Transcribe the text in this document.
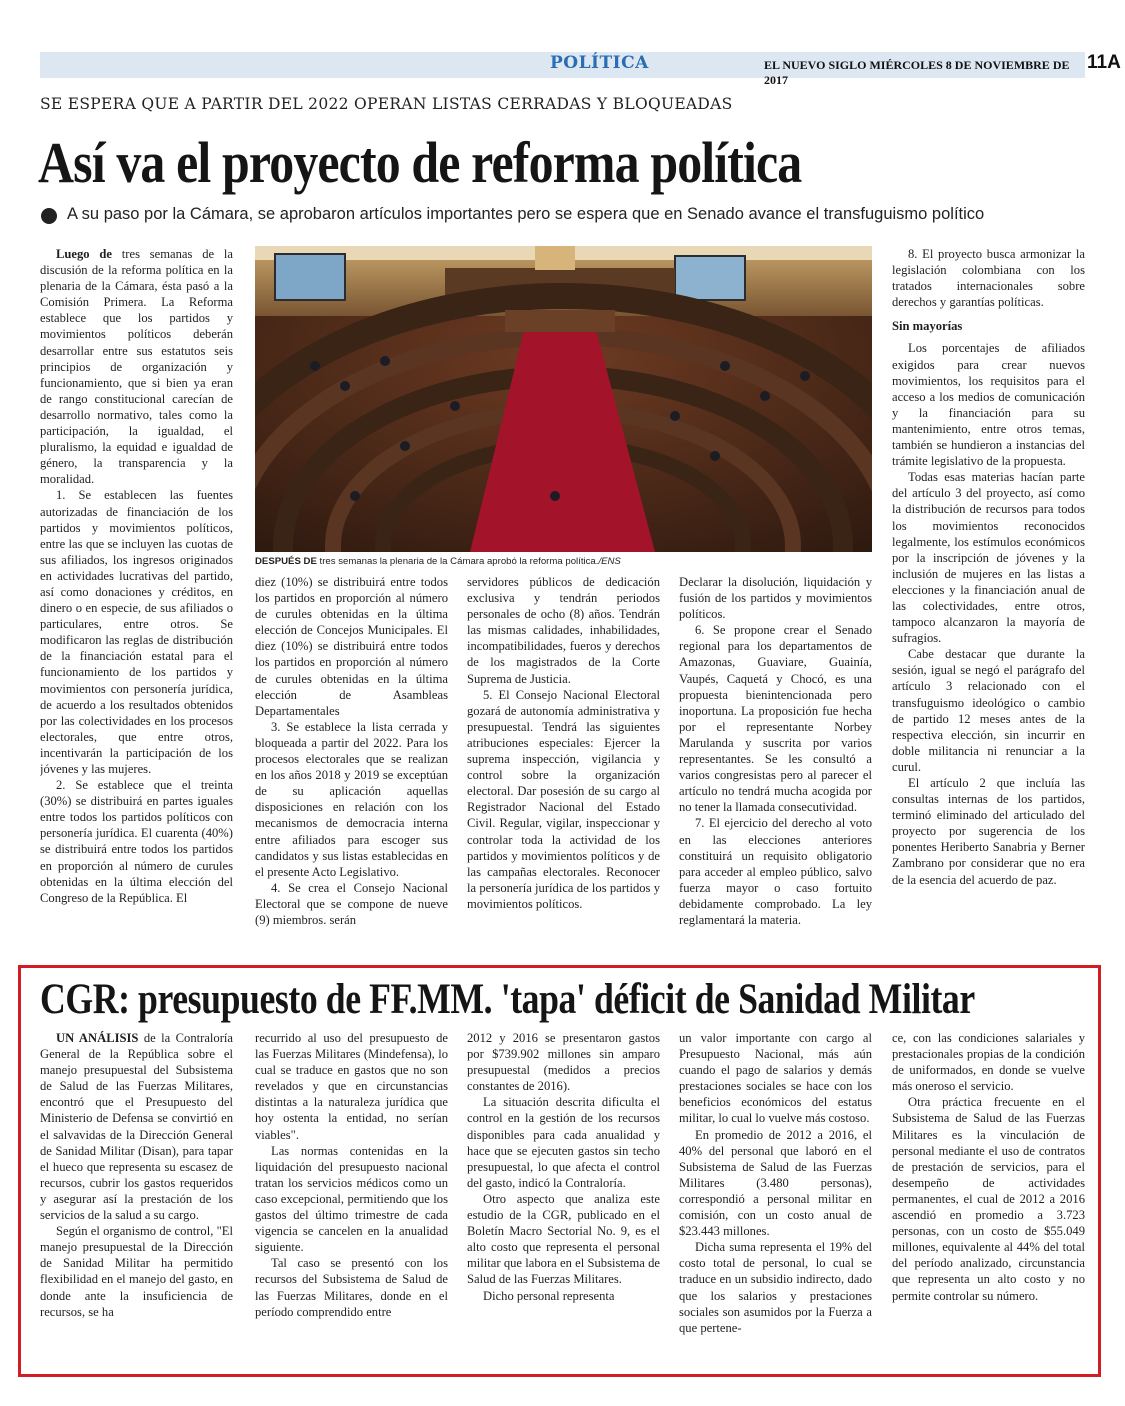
POLÍTICA	EL NUEVO SIGLO MIÉRCOLES 8 DE NOVIEMBRE DE 2017
11A
SE ESPERA QUE A PARTIR DEL 2022 OPERAN LISTAS CERRADAS Y BLOQUEADAS
Así va el proyecto de reforma política
A su paso por la Cámara, se aprobaron artículos importantes pero se espera que en Senado avance el transfuguismo político

Luego de tres semanas de la discusión de la reforma política en la plenaria de la Cámara, ésta pasó a la Comisión Primera. La Reforma establece que los partidos y movimientos políticos deberán desarrollar entre sus estatutos seis principios de organización y funcionamiento, que si bien ya eran de rango constitucional carecían de desarrollo normativo, tales como la participación, la igualdad, el pluralismo, la equidad e igualdad de género, la transparencia y la moralidad.

1. Se establecen las fuentes autorizadas de financiación de los partidos y movimientos políticos, entre las que se incluyen las cuotas de sus afiliados, los ingresos originados en actividades lucrativas del partido, así como donaciones y créditos, en dinero o en especie, de sus afiliados o particulares, entre otros. Se modificaron las reglas de distribución de la financiación estatal para el funcionamiento de los partidos y movimientos con personería jurídica, de acuerdo a los resultados obtenidos por las colectividades en los procesos electorales, que entre otros, incentivarán la participación de los jóvenes y las mujeres.

2. Se establece que el treinta (30%) se distribuirá en partes iguales entre todos los partidos políticos con personería jurídica. El cuarenta (40%) se distribuirá entre todos los partidos en proporción al número de curules obtenidas en la última elección del Congreso de la República. El

DESPUÉS DE tres semanas la plenaria de la Cámara aprobó la reforma política./ENS

diez (10%) se distribuirá entre todos los partidos en proporción al número de curules obtenidas en la última elección de Concejos Municipales. El diez (10%) se distribuirá entre todos los partidos en proporción al número de curules obtenidas en la última elección de Asambleas Departamentales

3. Se establece la lista cerrada y bloqueada a partir del 2022. Para los procesos electorales que se realizan en los años 2018 y 2019 se exceptúan de su aplicación aquellas disposiciones en relación con los mecanismos de democracia interna entre afiliados para escoger sus candidatos y sus listas establecidas en el presente Acto Legislativo.

4. Se crea el Consejo Nacional Electoral que se compone de nueve (9) miembros. serán

servidores públicos de dedicación exclusiva y tendrán periodos personales de ocho (8) años. Tendrán las mismas calidades, inhabilidades, incompatibilidades, fueros y derechos de los magistrados de la Corte Suprema de Justicia.

5. El Consejo Nacional Electoral gozará de autonomía administrativa y presupuestal. Tendrá las siguientes atribuciones especiales: Ejercer la suprema inspección, vigilancia y control sobre la organización electoral. Dar posesión de su cargo al Registrador Nacional del Estado Civil. Regular, vigilar, inspeccionar y controlar toda la actividad de los partidos y movimientos políticos y de las campañas electorales. Reconocer la personería jurídica de los partidos y movimientos políticos.

Declarar la disolución, liquidación y fusión de los partidos y movimientos políticos.

6. Se propone crear el Senado regional para los departamentos de Amazonas, Guaviare, Guainía, Vaupés, Caquetá y Chocó, es una propuesta bienintencionada pero inoportuna. La proposición fue hecha por el representante Norbey Marulanda y suscrita por varios representantes. Se les consultó a varios congresistas pero al parecer el artículo no tendrá mucha acogida por no tener la llamada consecutividad.

7. El ejercicio del derecho al voto en las elecciones anteriores constituirá un requisito obligatorio para acceder al empleo público, salvo fuerza mayor o caso fortuito debidamente comprobado. La ley reglamentará la materia.

8. El proyecto busca armonizar la legislación colombiana con los tratados internacionales sobre derechos y garantías políticas.

Sin mayorías

Los porcentajes de afiliados exigidos para crear nuevos movimientos, los requisitos para el acceso a los medios de comunicación y la financiación para su mantenimiento, entre otros temas, también se hundieron a instancias del trámite legislativo de la propuesta.

Todas esas materias hacían parte del artículo 3 del proyecto, así como la distribución de recursos para todos los movimientos reconocidos legalmente, los estímulos económicos por la inscripción de jóvenes y la inclusión de mujeres en las listas a elecciones y la financiación anual de las colectividades, entre otros, tampoco alcanzaron la mayoría de sufragios.

Cabe destacar que durante la sesión, igual se negó el parágrafo del artículo 3 relacionado con el transfuguismo ideológico o cambio de partido 12 meses antes de la respectiva elección, sin incurrir en doble militancia ni renunciar a la curul.

El artículo 2 que incluía las consultas internas de los partidos, terminó eliminado del articulado del proyecto por sugerencia de los ponentes Heriberto Sanabria y Berner Zambrano por considerar que no era de la esencia del acuerdo de paz.

CGR: presupuesto de FF.MM. 'tapa' déficit de Sanidad Militar

UN ANÁLISIS de la Contraloría General de la República sobre el manejo presupuestal del Subsistema de Salud de las Fuerzas Militares, encontró que el Presupuesto del Ministerio de Defensa se convirtió en el salvavidas de la Dirección General de Sanidad Militar (Disan), para tapar el hueco que representa su escasez de recursos, cubrir los gastos requeridos y asegurar así la prestación de los servicios de la salud a su cargo.

Según el organismo de control, "El manejo presupuestal de la Dirección de Sanidad Militar ha permitido flexibilidad en el manejo del gasto, en donde ante la insuficiencia de recursos, se ha

recurrido al uso del presupuesto de las Fuerzas Militares (Mindefensa), lo cual se traduce en gastos que no son revelados y que en circunstancias distintas a la naturaleza jurídica que hoy ostenta la entidad, no serían viables".

Las normas contenidas en la liquidación del presupuesto nacional tratan los servicios médicos como un caso excepcional, permitiendo que los gastos del último trimestre de cada vigencia se cancelen en la anualidad siguiente.

Tal caso se presentó con los recursos del Subsistema de Salud de las Fuerzas Militares, donde en el período comprendido entre

2012 y 2016 se presentaron gastos por $739.902 millones sin amparo presupuestal (medidos a precios constantes de 2016).

La situación descrita dificulta el control en la gestión de los recursos disponibles para cada anualidad y hace que se ejecuten gastos sin techo presupuestal, lo que afecta el control del gasto, indicó la Contraloría.

Otro aspecto que analiza este estudio de la CGR, publicado en el Boletín Macro Sectorial No. 9, es el alto costo que representa el personal militar que labora en el Subsistema de Salud de las Fuerzas Militares.

Dicho personal representa

un valor importante con cargo al Presupuesto Nacional, más aún cuando el pago de salarios y demás prestaciones sociales se hace con los beneficios económicos del estatus militar, lo cual lo vuelve más costoso.

En promedio de 2012 a 2016, el 40% del personal que laboró en el Subsistema de Salud de las Fuerzas Militares (3.480 personas), correspondió a personal militar en comisión, con un costo anual de $23.443 millones.

Dicha suma representa el 19% del costo total de personal, lo cual se traduce en un subsidio indirecto, dado que los salarios y prestaciones sociales son asumidos por la Fuerza a que pertene-

ce, con las condiciones salariales y prestacionales propias de la condición de uniformados, en donde se vuelve más oneroso el servicio.

Otra práctica frecuente en el Subsistema de Salud de las Fuerzas Militares es la vinculación de personal mediante el uso de contratos de prestación de servicios, para el desempeño de actividades permanentes, el cual de 2012 a 2016 ascendió en promedio a 3.723 personas, con un costo de $55.049 millones, equivalente al 44% del total del período analizado, circunstancia que representa un alto costo y no permite controlar su número.
